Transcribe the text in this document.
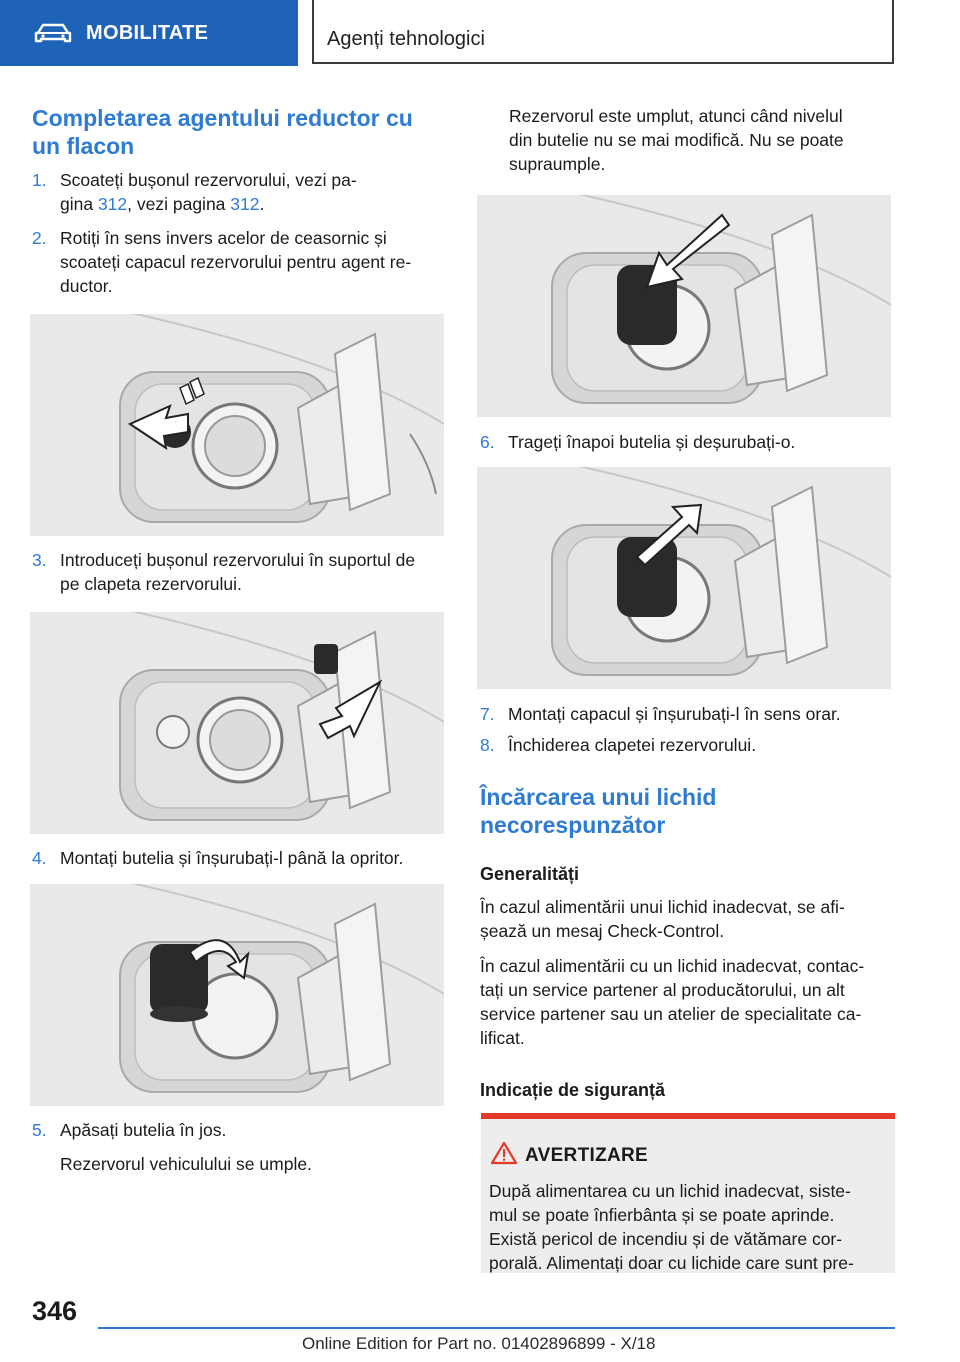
MOBILITATE	Agenți tehnologici
Completarea agentului reductor cu
un flacon
1. Scoateți bușonul rezervorului, vezi pa-
gina 312, vezi pagina 312.
2. Rotiți în sens invers acelor de ceasornic și
scoateți capacul rezervorului pentru agent re-
ductor.
3. Introduceți bușonul rezervorului în suportul de
pe clapeta rezervorului.
4. Montați butelia și înșurubați-l până la opritor.
5. Apăsați butelia în jos.
Rezervorul vehiculului se umple.
Rezervorul este umplut, atunci când nivelul
din butelie nu se mai modifică. Nu se poate
supraumple.
6. Trageți înapoi butelia și deșurubați-o.
7. Montați capacul și înșurubați-l în sens orar.
8. Închiderea clapetei rezervorului.
Încărcarea unui lichid
necorespunzător
Generalități
În cazul alimentării unui lichid inadecvat, se afi-
șează un mesaj Check-Control.
În cazul alimentării cu un lichid inadecvat, contac-
tați un service partener al producătorului, un alt
service partener sau un atelier de specialitate ca-
lificat.
Indicație de siguranță
AVERTIZARE
După alimentarea cu un lichid inadecvat, siste-
mul se poate înfierbânta și se poate aprinde.
Există pericol de incendiu și de vătămare cor-
porală. Alimentați doar cu lichide care sunt pre-
346
Online Edition for Part no. 01402896899 - X/18
